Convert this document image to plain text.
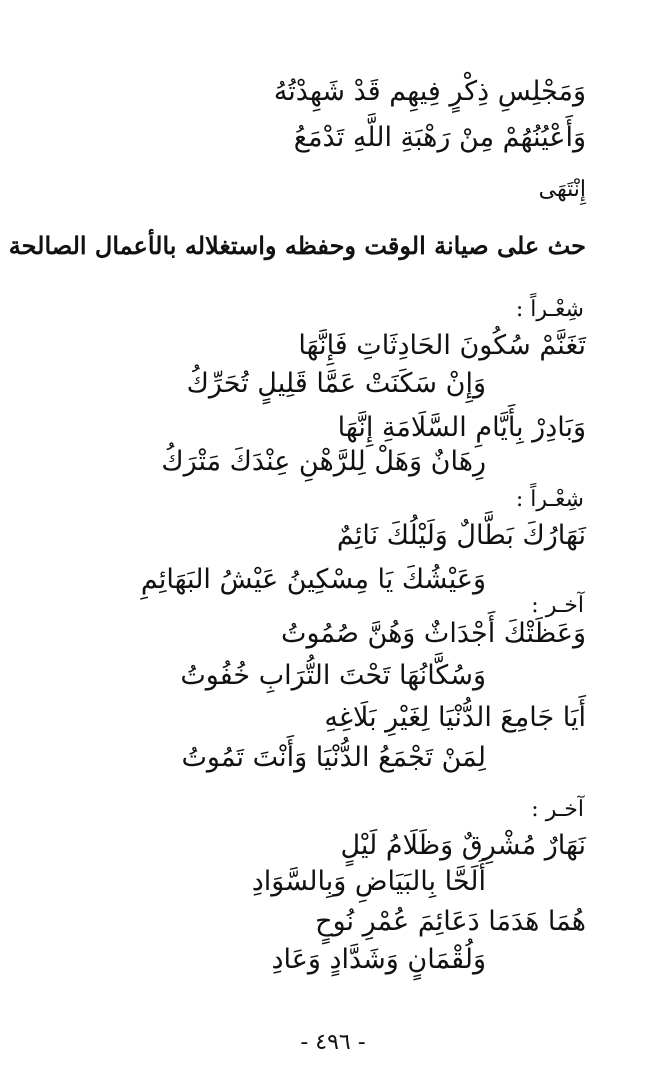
وَمَجْلِسِ ذِكْرٍ فِيهِم قَدْ شَهِدْتُهُ
وَأَعْيُنُهُمْ مِنْ رَهْبَةِ اللَّهِ تَدْمَعُ
إِنْتَهَى
حث على صيانة الوقت وحفظه واستغلاله بالأعمال الصالحة
شِعْـراً :
تَغَنَّمْ سُكُونَ الحَادِثَاتِ فَإِنَّهَا
وَإِنْ سَكَنَتْ عَمَّا قَلِيلٍ تُحَرِّكُ
وَبَادِرْ بِأَيَّامِ السَّلَامَةِ إِنَّهَا
رِهَانٌ وَهَلْ لِلرَّهْنِ عِنْدَكَ مَتْرَكُ
شِعْـراً :
نَهَارُكَ بَطَّالٌ وَلَيْلُكَ نَائِمٌ
وَعَيْشُكَ يَا مِسْكِينُ عَيْشُ البَهَائِمِ
آخـر :
وَعَظَتْكَ أَجْدَاثٌ وَهُنَّ صُمُوتُ
وَسُكَّانُهَا تَحْتَ التُّرَابِ خُفُوتُ
أَيَا جَامِعَ الدُّنْيَا لِغَيْرِ بَلَاغِهِ
لِمَنْ تَجْمَعُ الدُّنْيَا وَأَنْتَ تَمُوتُ
آخـر :
نَهَارٌ مُشْرِقٌ وَظَلَامُ لَيْلٍ
أَلَحَّا بِالبَيَاضِ وَبِالسَّوَادِ
هُمَا هَدَمَا دَعَائِمَ عُمْرِ نُوحٍ
وَلُقْمَانٍ وَشَدَّادٍ وَعَادِ
- ٤٩٦ -
